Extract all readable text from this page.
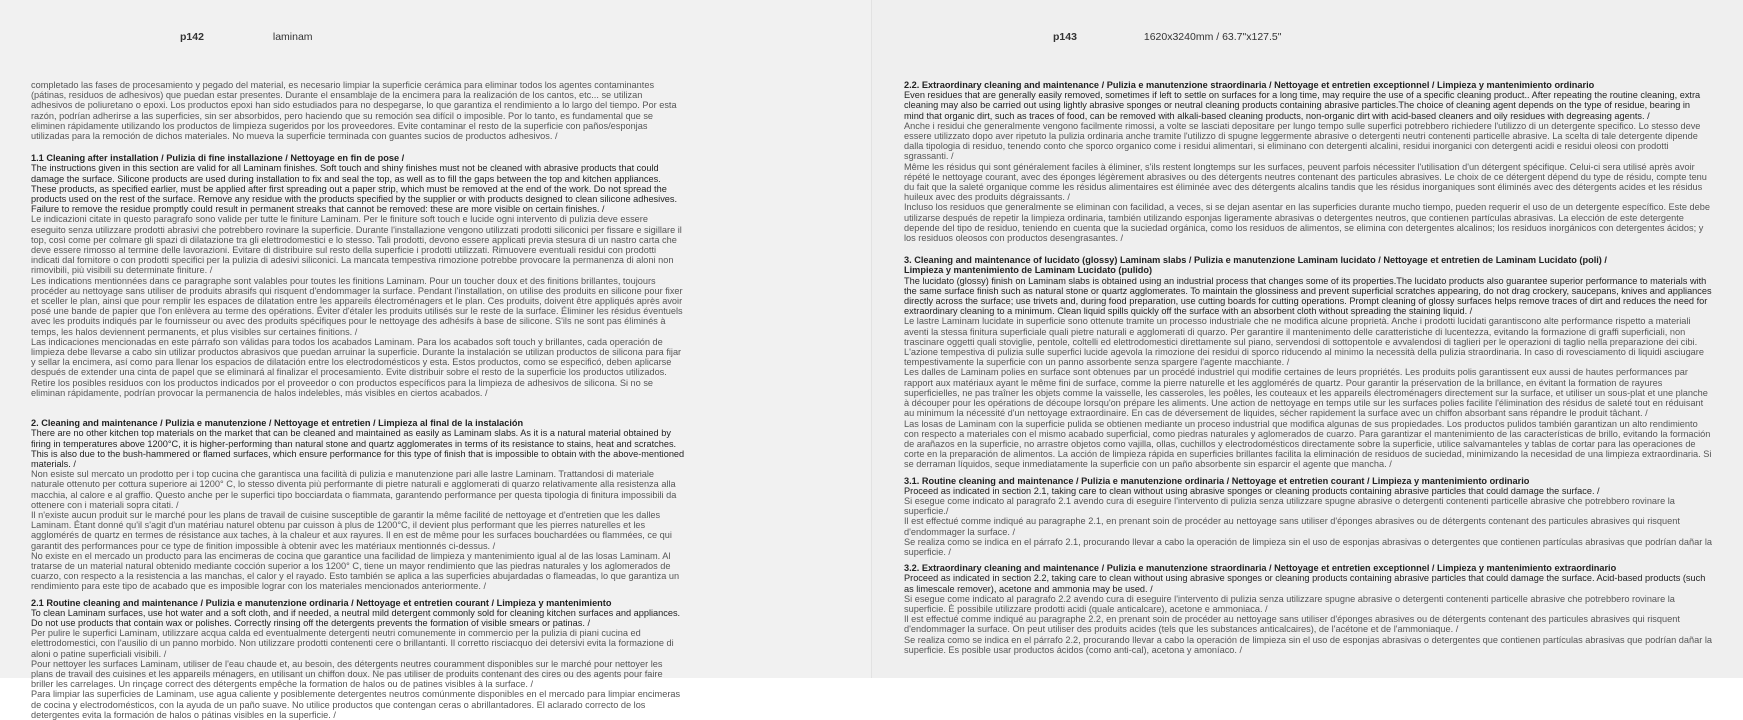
p142	laminam

completado las fases de procesamiento y pegado del material, es necesario limpiar la superficie cerámica para eliminar todos los agentes contaminantes (pátinas, residuos de adhesivos) que puedan estar presentes. Durante el ensamblaje de la encimera para la realización de los cantos, etc... se utilizan adhesivos de poliuretano o epoxi. Los productos epoxi han sido estudiados para no despegarse, lo que garantiza el rendimiento a lo largo del tiempo. Por esta razón, podrían adherirse a las superficies, sin ser absorbidos, pero haciendo que su remoción sea difícil o imposible. Por lo tanto, es fundamental que se eliminen rápidamente utilizando los productos de limpieza sugeridos por los proveedores. Evite contaminar el resto de la superficie con paños/esponjas utilizadas para la remoción de dichos materiales. No mueva la superficie terminada con guantes sucios de productos adhesivos. /

1.1 Cleaning after installation / Pulizia di fine installazione / Nettoyage en fin de pose /

The instructions given in this section are valid for all Laminam finishes. Soft touch and shiny finishes must not be cleaned with abrasive products that could damage the surface. Silicone products are used during installation to fix and seal the top, as well as to fill the gaps between the top and kitchen appliances. These products, as specified earlier, must be applied after first spreading out a paper strip, which must be removed at the end of the work. Do not spread the products used on the rest of the surface. Remove any residue with the products specified by the supplier or with products designed to clean silicone adhesives. Failure to remove the residue promptly could result in permanent streaks that cannot be removed: these are more visible on certain finishes. /

Le indicazioni citate in questo paragrafo sono valide per tutte le finiture Laminam. Per le finiture soft touch e lucide ogni intervento di pulizia deve essere eseguito senza utilizzare prodotti abrasivi che potrebbero rovinare la superficie. Durante l'installazione vengono utilizzati prodotti siliconici per fissare e sigillare il top, così come per colmare gli spazi di dilatazione tra gli elettrodomestici e lo stesso. Tali prodotti, devono essere applicati previa stesura di un nastro carta che deve essere rimosso al termine delle lavorazioni. Evitare di distribuire sul resto della superficie i prodotti utilizzati. Rimuovere eventuali residui con prodotti indicati dal fornitore o con prodotti specifici per la pulizia di adesivi siliconici. La mancata tempestiva rimozione potrebbe provocare la permanenza di aloni non rimovibili, più visibili su determinate finiture. /

Les indications mentionnées dans ce paragraphe sont valables pour toutes les finitions Laminam. Pour un toucher doux et des finitions brillantes, toujours procéder au nettoyage sans utiliser de produits abrasifs qui risquent d'endommager la surface. Pendant l'installation, on utilise des produits en silicone pour fixer et sceller le plan, ainsi que pour remplir les espaces de dilatation entre les appareils électroménagers et le plan. Ces produits, doivent être appliqués après avoir posé une bande de papier que l'on enlèvera au terme des opérations. Éviter d'étaler les produits utilisés sur le reste de la surface. Éliminer les résidus éventuels avec les produits indiqués par le fournisseur ou avec des produits spécifiques pour le nettoyage des adhésifs à base de silicone. S'ils ne sont pas éliminés à temps, les halos deviennent permanents, et plus visibles sur certaines finitions. /

Las indicaciones mencionadas en este párrafo son válidas para todos los acabados Laminam. Para los acabados soft touch y brillantes, cada operación de limpieza debe llevarse a cabo sin utilizar productos abrasivos que puedan arruinar la superficie. Durante la instalación se utilizan productos de silicona para fijar y sellar la encimera, así como para llenar los espacios de dilatación entre los electrodomésticos y esta. Estos productos, como se especificó, deben aplicarse después de extender una cinta de papel que se eliminará al finalizar el procesamiento. Evite distribuir sobre el resto de la superficie los productos utilizados. Retire los posibles residuos con los productos indicados por el proveedor o con productos específicos para la limpieza de adhesivos de silicona. Si no se eliminan rápidamente, podrían provocar la permanencia de halos indelebles, más visibles en ciertos acabados. /

2. Cleaning and maintenance / Pulizia e manutenzione / Nettoyage et entretien / Limpieza al final de la instalación

There are no other kitchen top materials on the market that can be cleaned and maintained as easily as Laminam slabs. As it is a natural material obtained by firing in temperatures above 1200°C, it is higher-performing than natural stone and quartz agglomerates in terms of its resistance to stains, heat and scratches. This is also due to the bush-hammered or flamed surfaces, which ensure performance for this type of finish that is impossible to obtain with the above-mentioned materials. /

Non esiste sul mercato un prodotto per i top cucina che garantisca una facilità di pulizia e manutenzione pari alle lastre Laminam. Trattandosi di materiale naturale ottenuto per cottura superiore ai 1200° C, lo stesso diventa più performante di pietre naturali e agglomerati di quarzo relativamente alla resistenza alla macchia, al calore e al graffio. Questo anche per le superfici tipo bocciardata o fiammata, garantendo performance per questa tipologia di finitura impossibili da ottenere con i materiali sopra citati. /

Il n'existe aucun produit sur le marché pour les plans de travail de cuisine susceptible de garantir la même facilité de nettoyage et d'entretien que les dalles Laminam. Étant donné qu'il s'agit d'un matériau naturel obtenu par cuisson à plus de 1200°C, il devient plus performant que les pierres naturelles et les agglomérés de quartz en termes de résistance aux taches, à la chaleur et aux rayures. Il en est de même pour les surfaces bouchardées ou flammées, ce qui garantit des performances pour ce type de finition impossible à obtenir avec les matériaux mentionnés ci-dessus. /

No existe en el mercado un producto para las encimeras de cocina que garantice una facilidad de limpieza y mantenimiento igual al de las losas Laminam. Al tratarse de un material natural obtenido mediante cocción superior a los 1200° C, tiene un mayor rendimiento que las piedras naturales y los aglomerados de cuarzo, con respecto a la resistencia a las manchas, el calor y el rayado. Esto también se aplica a las superficies abujardadas o flameadas, lo que garantiza un rendimiento para este tipo de acabado que es imposible lograr con los materiales mencionados anteriormente. /

2.1 Routine cleaning and maintenance / Pulizia e manutenzione ordinaria / Nettoyage et entretien courant / Limpieza y mantenimiento

To clean Laminam surfaces, use hot water and a soft cloth, and if needed, a neutral mild detergent commonly sold for cleaning kitchen surfaces and appliances. Do not use products that contain wax or polishes. Correctly rinsing off the detergents prevents the formation of visible smears or patinas. /

Per pulire le superfici Laminam, utilizzare acqua calda ed eventualmente detergenti neutri comunemente in commercio per la pulizia di piani cucina ed elettrodomestici, con l'ausilio di un panno morbido. Non utilizzare prodotti contenenti cere o brillantanti. Il corretto risciacquo dei detersivi evita la formazione di aloni o patine superficiali visibili. /

Pour nettoyer les surfaces Laminam, utiliser de l'eau chaude et, au besoin, des détergents neutres couramment disponibles sur le marché pour nettoyer les plans de travail des cuisines et les appareils ménagers, en utilisant un chiffon doux. Ne pas utiliser de produits contenant des cires ou des agents pour faire briller les carrelages. Un rinçage correct des détergents empêche la formation de halos ou de patines visibles à la surface. /

Para limpiar las superficies de Laminam, use agua caliente y posiblemente detergentes neutros comúnmente disponibles en el mercado para limpiar encimeras de cocina y electrodomésticos, con la ayuda de un paño suave. No utilice productos que contengan ceras o abrillantadores. El aclarado correcto de los detergentes evita la formación de halos o pátinas visibles en la superficie. /

p143	1620x3240mm / 63.7"x127.5"

2.2. Extraordinary cleaning and maintenance / Pulizia e manutenzione straordinaria / Nettoyage et entretien exceptionnel / Limpieza y mantenimiento ordinario

Even residues that are generally easily removed, sometimes if left to settle on surfaces for a long time, may require the use of a specific cleaning product.. After repeating the routine cleaning, extra cleaning may also be carried out using lightly abrasive sponges or neutral cleaning products containing abrasive particles.The choice of cleaning agent depends on the type of residue, bearing in mind that organic dirt, such as traces of food, can be removed with alkali-based cleaning products, non-organic dirt with acid-based cleaners and oily residues with degreasing agents. /

Anche i residui che generalmente vengono facilmente rimossi, a volte se lasciati depositare per lungo tempo sulle superfici potrebbero richiedere l'utilizzo di un detergente specifico. Lo stesso deve essere utilizzato dopo aver ripetuto la pulizia ordinaria anche tramite l'utilizzo di spugne leggermente abrasive o detergenti neutri contenenti particelle abrasive. La scelta di tale detergente dipende dalla tipologia di residuo, tenendo conto che sporco organico come i residui alimentari, si eliminano con detergenti alcalini, residui inorganici con detergenti acidi e residui oleosi con prodotti sgrassanti. /

Même les résidus qui sont généralement faciles à éliminer, s'ils restent longtemps sur les surfaces, peuvent parfois nécessiter l'utilisation d'un détergent spécifique. Celui-ci sera utilisé après avoir répété le nettoyage courant, avec des éponges légèrement abrasives ou des détergents neutres contenant des particules abrasives. Le choix de ce détergent dépend du type de résidu, compte tenu du fait que la saleté organique comme les résidus alimentaires est éliminée avec des détergents alcalins tandis que les résidus inorganiques sont éliminés avec des détergents acides et les résidus huileux avec des produits dégraissants. /

Incluso los residuos que generalmente se eliminan con facilidad, a veces, si se dejan asentar en las superficies durante mucho tiempo, pueden requerir el uso de un detergente específico. Este debe utilizarse después de repetir la limpieza ordinaria, también utilizando esponjas ligeramente abrasivas o detergentes neutros, que contienen partículas abrasivas. La elección de este detergente depende del tipo de residuo, teniendo en cuenta que la suciedad orgánica, como los residuos de alimentos, se elimina con detergentes alcalinos; los residuos inorgánicos con detergentes ácidos; y los residuos oleosos con productos desengrasantes. /

3. Cleaning and maintenance of lucidato (glossy) Laminam slabs / Pulizia e manutenzione Laminam lucidato / Nettoyage et entretien de Laminam Lucidato (poli) /

Limpieza y mantenimiento de Laminam Lucidato (pulido)

The lucidato (glossy) finish on Laminam slabs is obtained using an industrial process that changes some of its properties.The lucidato products also guarantee superior performance to materials with the same surface finish such as natural stone or quartz agglomerates. To maintain the glossiness and prevent superficial scratches appearing, do not drag crockery, saucepans, knives and appliances directly across the surface; use trivets and, during food preparation, use cutting boards for cutting operations. Prompt cleaning of glossy surfaces helps remove traces of dirt and reduces the need for extraordinary cleaning to a minimum. Clean liquid spills quickly off the surface with an absorbent cloth without spreading the staining liquid. /

Le lastre Laminam lucidate in superficie sono ottenute tramite un processo industriale che ne modifica alcune proprietà. Anche i prodotti lucidati garantiscono alte performance rispetto a materiali aventi la stessa finitura superficiale quali pietre naturali e agglomerati di quarzo. Per garantire il mantenimento delle caratteristiche di lucentezza, evitando la formazione di graffi superficiali, non trascinare oggetti quali stoviglie, pentole, coltelli ed elettrodomestici direttamente sul piano, servendosi di sottopentole e avvalendosi di taglieri per le operazioni di taglio nella preparazione dei cibi. L'azione tempestiva di pulizia sulle superfici lucide agevola la rimozione dei residui di sporco riducendo al minimo la necessità della pulizia straordinaria. In caso di rovesciamento di liquidi asciugare tempestivamente la superficie con un panno assorbente senza spargere l'agente macchiante. /

Les dalles de Laminam polies en surface sont obtenues par un procédé industriel qui modifie certaines de leurs propriétés. Les produits polis garantissent eux aussi de hautes performances par rapport aux matériaux ayant le même fini de surface, comme la pierre naturelle et les agglomérés de quartz. Pour garantir la préservation de la brillance, en évitant la formation de rayures superficielles, ne pas traîner les objets comme la vaisselle, les casseroles, les poêles, les couteaux et les appareils électroménagers directement sur la surface, et utiliser un sous-plat et une planche à découper pour les opérations de découpe lorsqu'on prépare les aliments. Une action de nettoyage en temps utile sur les surfaces polies facilite l'élimination des résidus de saleté tout en réduisant au minimum la nécessité d'un nettoyage extraordinaire. En cas de déversement de liquides, sécher rapidement la surface avec un chiffon absorbant sans répandre le produit tâchant. /

Las losas de Laminam con la superficie pulida se obtienen mediante un proceso industrial que modifica algunas de sus propiedades. Los productos pulidos también garantizan un alto rendimiento con respecto a materiales con el mismo acabado superficial, como piedras naturales y aglomerados de cuarzo. Para garantizar el mantenimiento de las características de brillo, evitando la formación de arañazos en la superficie, no arrastre objetos como vajilla, ollas, cuchillos y electrodomésticos directamente sobre la superficie, utilice salvamanteles y tablas de cortar para las operaciones de corte en la preparación de alimentos. La acción de limpieza rápida en superficies brillantes facilita la eliminación de residuos de suciedad, minimizando la necesidad de una limpieza extraordinaria. Si se derraman líquidos, seque inmediatamente la superficie con un paño absorbente sin esparcir el agente que mancha. /

3.1. Routine cleaning and maintenance / Pulizia e manutenzione ordinaria / Nettoyage et entretien courant / Limpieza y mantenimiento ordinario

Proceed as indicated in section 2.1, taking care to clean without using abrasive sponges or cleaning products containing abrasive particles that could damage the surface. /

Si esegue come indicato al paragrafo 2.1 avendo cura di eseguire l'intervento di pulizia senza utilizzare spugne abrasive o detergenti contenenti particelle abrasive che potrebbero rovinare la superficie./

Il est effectué comme indiqué au paragraphe 2.1, en prenant soin de procéder au nettoyage sans utiliser d'éponges abrasives ou de détergents contenant des particules abrasives qui risquent d'endommager la surface. /

Se realiza como se indica en el párrafo 2.1, procurando llevar a cabo la operación de limpieza sin el uso de esponjas abrasivas o detergentes que contienen partículas abrasivas que podrían dañar la superficie. /

3.2. Extraordinary cleaning and maintenance / Pulizia e manutenzione straordinaria / Nettoyage et entretien exceptionnel / Limpieza y mantenimiento extraordinario

Proceed as indicated in section 2.2, taking care to clean without using abrasive sponges or cleaning products containing abrasive particles that could damage the surface. Acid-based products (such as limescale remover), acetone and ammonia may be used. /

Si esegue come indicato al paragrafo 2.2 avendo cura di eseguire l'intervento di pulizia senza utilizzare spugne abrasive o detergenti contenenti particelle abrasive che potrebbero rovinare la superficie. È possibile utilizzare prodotti acidi (quale anticalcare), acetone e ammoniaca. /

Il est effectué comme indiqué au paragraphe 2.2, en prenant soin de procéder au nettoyage sans utiliser d'éponges abrasives ou de détergents contenant des particules abrasives qui risquent d'endommager la surface. On peut utiliser des produits acides (tels que les substances anticalcaires), de l'acétone et de l'ammoniaque. /

Se realiza como se indica en el párrafo 2.2, procurando llevar a cabo la operación de limpieza sin el uso de esponjas abrasivas o detergentes que contienen partículas abrasivas que podrían dañar la superficie. Es posible usar productos ácidos (como anti-cal), acetona y amoníaco. /
